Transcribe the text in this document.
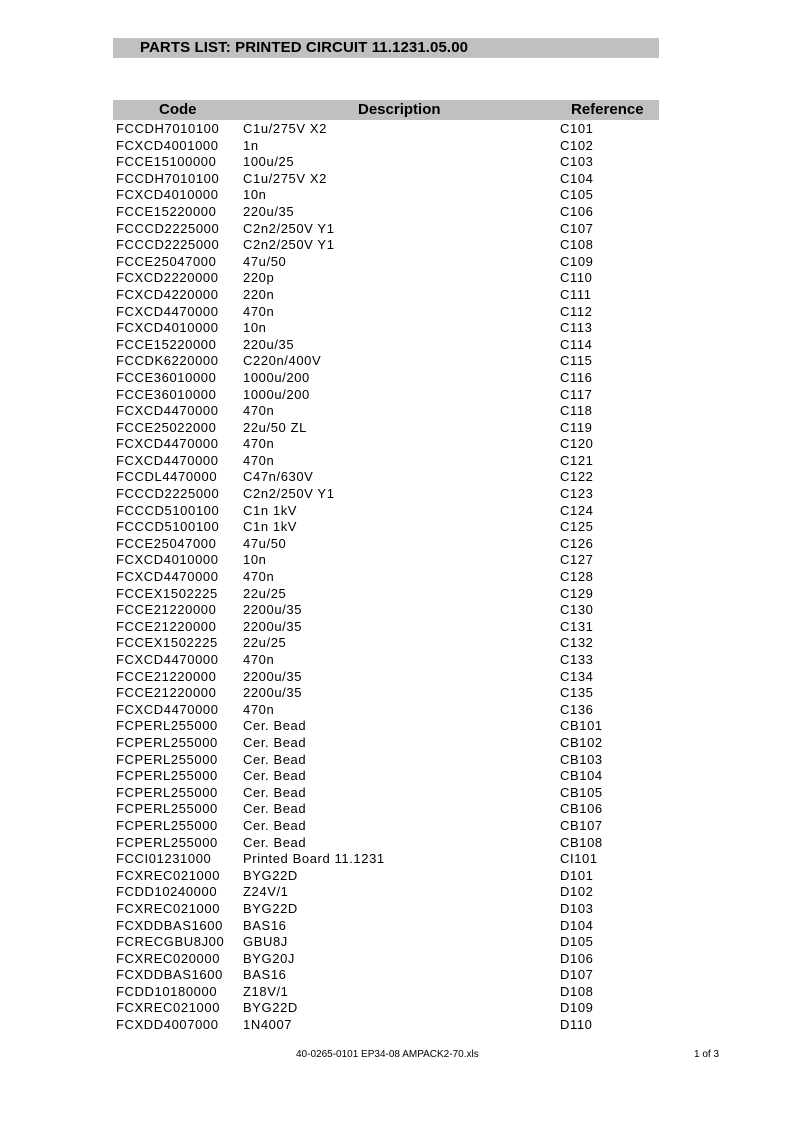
PARTS LIST: PRINTED CIRCUIT 11.1231.05.00
Code	Description	Reference
FCCDH7010100 C1u/275V X2	C101
FCXCD4001000 1n	C102
FCCE15100000 100u/25	C103
FCCDH7010100 C1u/275V X2	C104
FCXCD4010000 10n	C105
FCCE15220000 220u/35	C106
FCCCD2225000 C2n2/250V Y1	C107
FCCCD2225000 C2n2/250V Y1	C108
FCCE25047000 47u/50	C109
FCXCD2220000 220p	C110
FCXCD4220000 220n	C111
FCXCD4470000 470n	C112
FCXCD4010000 10n	C113
FCCE15220000 220u/35	C114
FCCDK6220000 C220n/400V	C115
FCCE36010000 1000u/200	C116
FCCE36010000 1000u/200	C117
FCXCD4470000 470n	C118
FCCE25022000 22u/50 ZL	C119
FCXCD4470000 470n	C120
FCXCD4470000 470n	C121
FCCDL4470000 C47n/630V	C122
FCCCD2225000 C2n2/250V Y1	C123
FCCCD5100100 C1n 1kV	C124
FCCCD5100100 C1n 1kV	C125
FCCE25047000 47u/50	C126
FCXCD4010000 10n	C127
FCXCD4470000 470n	C128
FCCEX1502225 22u/25	C129
FCCE21220000 2200u/35	C130
FCCE21220000 2200u/35	C131
FCCEX1502225 22u/25	C132
FCXCD4470000 470n	C133
FCCE21220000 2200u/35	C134
FCCE21220000 2200u/35	C135
FCXCD4470000 470n	C136
FCPERL255000 Cer. Bead	CB101
FCPERL255000 Cer. Bead	CB102
FCPERL255000 Cer. Bead	CB103
FCPERL255000 Cer. Bead	CB104
FCPERL255000 Cer. Bead	CB105
FCPERL255000 Cer. Bead	CB106
FCPERL255000 Cer. Bead	CB107
FCPERL255000 Cer. Bead	CB108
FCCI01231000 Printed Board 11.1231	CI101
FCXREC021000 BYG22D	D101
FCDD10240000 Z24V/1	D102
FCXREC021000 BYG22D	D103
FCXDDBAS1600 BAS16	D104
FCRECGBU8J00 GBU8J	D105
FCXREC020000 BYG20J	D106
FCXDDBAS1600 BAS16	D107
FCDD10180000 Z18V/1	D108
FCXREC021000 BYG22D	D109
FCXDD4007000 1N4007	D110
40-0265-0101 EP34-08 AMPACK2-70.xls	1 of 3
